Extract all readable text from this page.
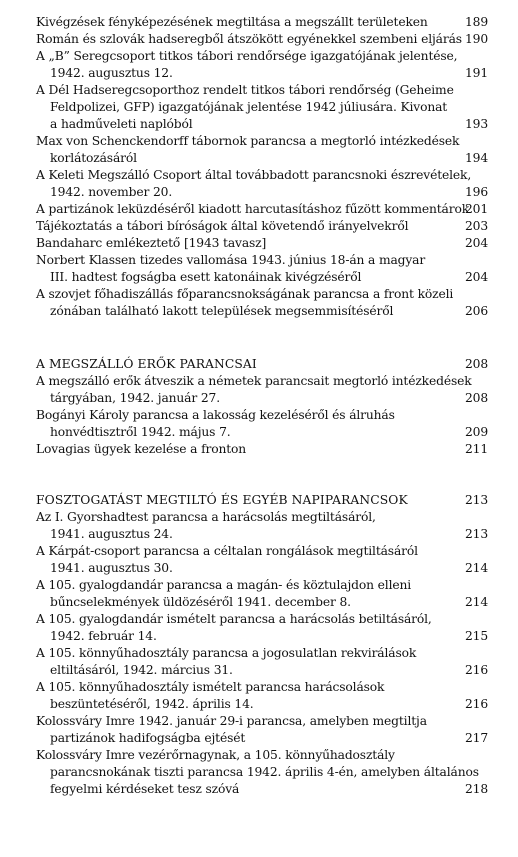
Kivégzések fényképezésének megtiltása a megszállt területeken	189
Román és szlovák hadseregből átszökött egyénekkel szembeni eljárás 190
A „B” Seregcsoport titkos tábori rendőrsége igazgatójának jelentése,
1942. augusztus 12.	191
A Dél Hadseregcsoporthoz rendelt titkos tábori rendőrség (Geheime
Feldpolizei, GFP) igazgatójának jelentése 1942 júliusára. Kivonat
a hadműveleti naplóból	193
Max von Schenckendorff tábornok parancsa a megtorló intézkedések
korlátozásáról	194
A Keleti Megszálló Csoport által továbbadott parancsnoki észrevételek,
1942. november 20.	196
A partizánok leküzdéséről kiadott harcutasításhoz fűzött kommentárok
201
Tájékoztatás a tábori bíróságok által követendő irányelvekről	203
Bandaharc emlékeztető [1943 tavasz]	204
Norbert Klassen tizedes vallomása 1943. június 18-án a magyar
III. hadtest fogságba esett katonáinak kivégzéséről	204
A szovjet főhadiszállás főparancsnokságának parancsa a front közeli
zónában található lakott települések megsemmisítéséről	206
A MEGSZÁLLÓ ERŐK PARANCSAI	208
A megszálló erők átveszik a németek parancsait megtorló intézkedések
tárgyában, 1942. január 27.	208
Bogányi Károly parancsa a lakosság kezeléséről és álruhás
honvédtisztről 1942. május 7.	209
Lovagias ügyek kezelése a fronton	211
FOSZTOGATÁST MEGTILTÓ ÉS EGYÉB NAPIPARANCSOK	213
Az I. Gyorshadtest parancsa a harácsolás megtiltásáról,
1941. augusztus 24.	213
A Kárpát-csoport parancsa a céltalan rongálások megtiltásáról
1941. augusztus 30.	214
A 105. gyalogdandár parancsa a magán- és köztulajdon elleni
bűncselekmények üldözéséről 1941. december 8.	214
A 105. gyalogdandár ismételt parancsa a harácsolás betiltásáról,
1942. február 14.	215
A 105. könnyűhadosztály parancsa a jogosulatlan rekvirálások
eltiltásáról, 1942. március 31.	216
A 105. könnyűhadosztály ismételt parancsa harácsolások
beszüntetéséről, 1942. április 14.	216
Kolossváry Imre 1942. január 29-i parancsa, amelyben megtiltja
partizánok hadifogságba ejtését	217
Kolossváry Imre vezérőrnagynak, a 105. könnyűhadosztály
parancsnokának tiszti parancsa 1942. április 4-én, amelyben általános
fegyelmi kérdéseket tesz szóvá	218
